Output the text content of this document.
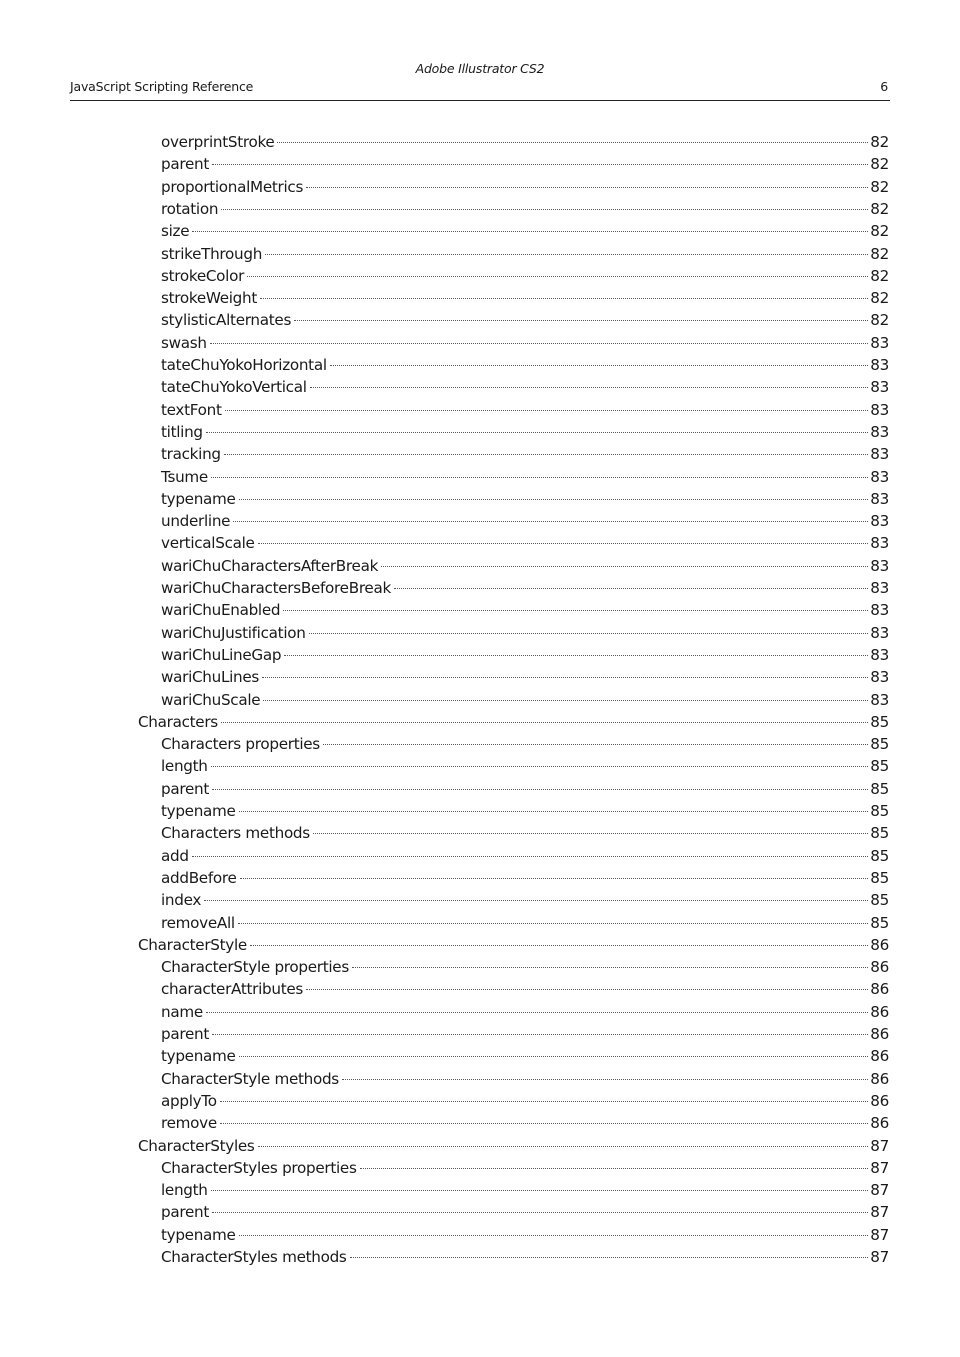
Adobe Illustrator CS2
JavaScript Scripting Reference	6
overprintStroke	82
parent	82
proportionalMetrics	82
rotation	82
size	82
strikeThrough	82
strokeColor	82
strokeWeight	82
stylisticAlternates	82
swash	83
tateChuYokoHorizontal	83
tateChuYokoVertical	83
textFont	83
titling	83
tracking	83
Tsume	83
typename	83
underline	83
verticalScale	83
wariChuCharactersAfterBreak	83
wariChuCharactersBeforeBreak	83
wariChuEnabled	83
wariChuJustification	83
wariChuLineGap	83
wariChuLines	83
wariChuScale	83
Characters	85
Characters properties	85
length	85
parent	85
typename	85
Characters methods	85
add	85
addBefore	85
index	85
removeAll	85
CharacterStyle	86
CharacterStyle properties	86
characterAttributes	86
name	86
parent	86
typename	86
CharacterStyle methods	86
applyTo	86
remove	86
CharacterStyles	87
CharacterStyles properties	87
length	87
parent	87
typename	87
CharacterStyles methods	87
